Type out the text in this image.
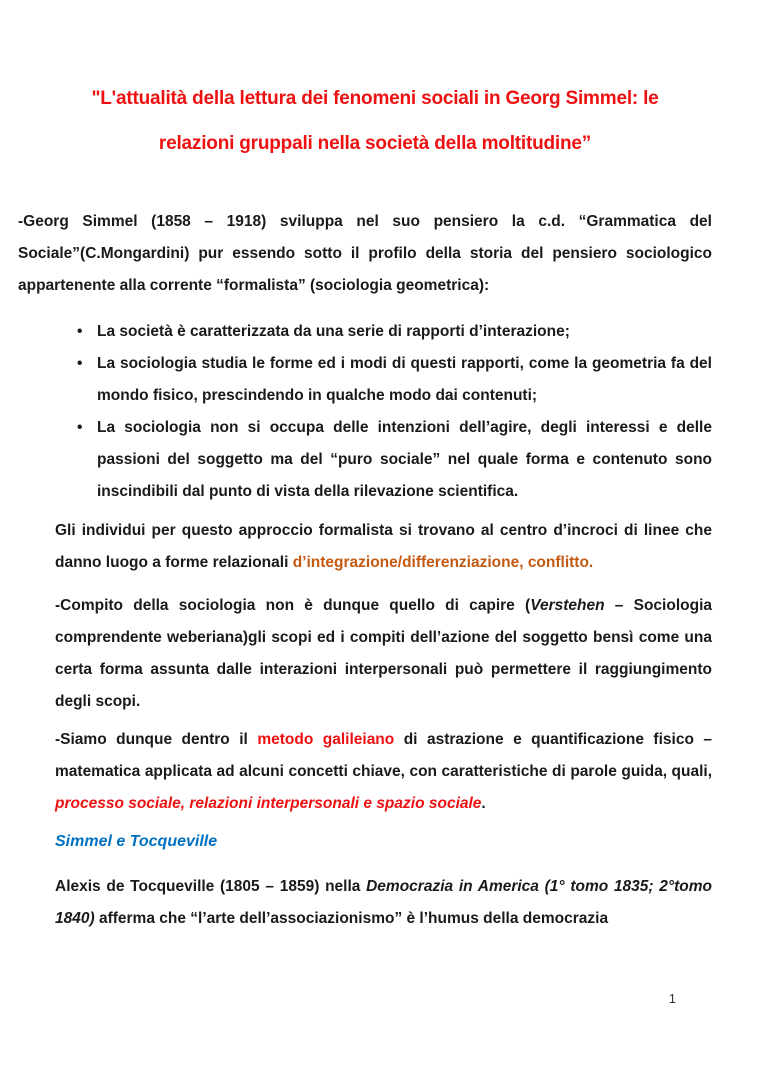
"L'attualità della lettura dei fenomeni sociali in Georg Simmel: le
relazioni gruppali nella società della moltitudine”

-Georg Simmel (1858 – 1918) sviluppa nel suo pensiero la c.d. “Grammatica del Sociale”(C.Mongardini) pur essendo sotto il profilo della storia del pensiero sociologico appartenente alla corrente “formalista” (sociologia geometrica):

• La società è caratterizzata da una serie di rapporti d’interazione;
• La sociologia studia le forme ed i modi di questi rapporti, come la geometria fa del mondo fisico, prescindendo in qualche modo dai contenuti;
• La sociologia non si occupa delle intenzioni dell’agire, degli interessi e delle passioni del soggetto ma del “puro sociale” nel quale forma e contenuto sono inscindibili dal punto di vista della rilevazione scientifica.

Gli individui per questo approccio formalista si trovano al centro d’incroci di linee che danno luogo a forme relazionali d’integrazione/differenziazione, conflitto.

-Compito della sociologia non è dunque quello di capire (Verstehen – Sociologia comprendente weberiana)gli scopi ed i compiti dell’azione del soggetto bensì come una certa forma assunta dalle interazioni interpersonali può permettere il raggiungimento degli scopi.

-Siamo dunque dentro il metodo galileiano di astrazione e quantificazione fisico – matematica applicata ad alcuni concetti chiave, con caratteristiche di parole guida, quali, processo sociale, relazioni interpersonali e spazio sociale.

Simmel e Tocqueville

Alexis de Tocqueville (1805 – 1859) nella Democrazia in America (1° tomo 1835; 2°tomo 1840) afferma che “l’arte dell’associazionismo” è l’humus della democrazia

1
